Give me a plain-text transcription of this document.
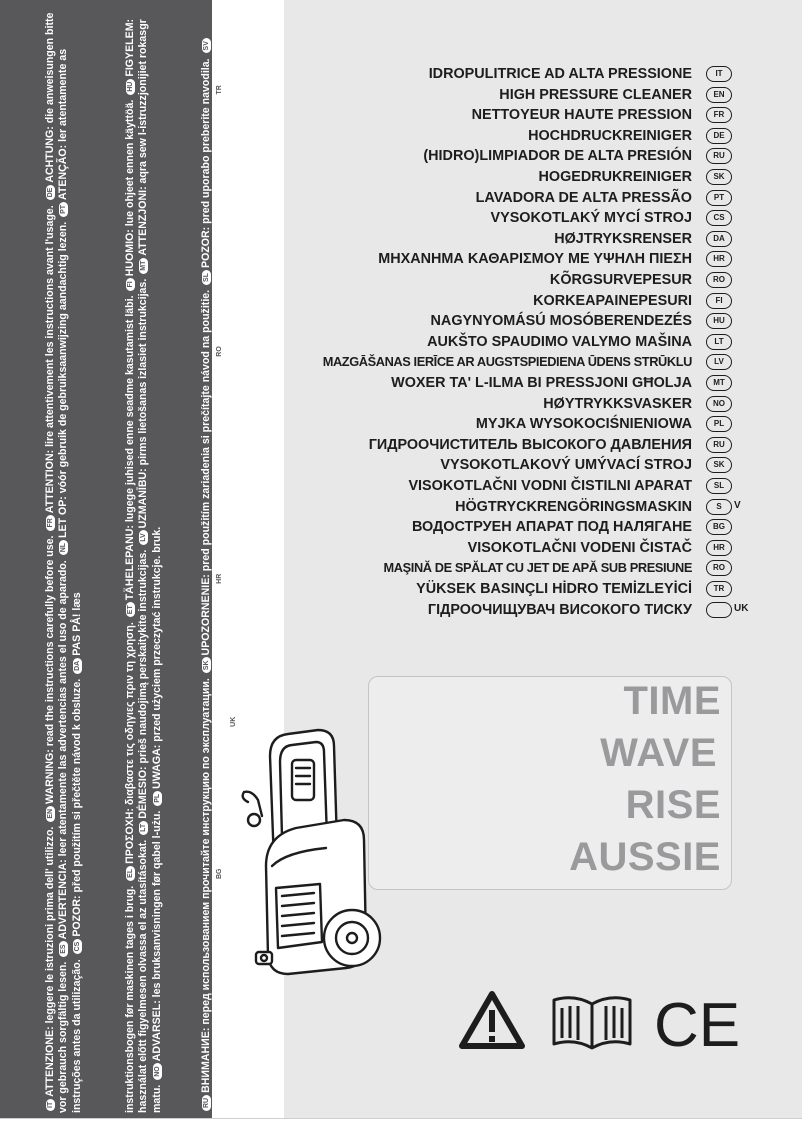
ITATTENZIONE: leggere le istruzioni prima dell' utilizzo. ENWARNING: read the instructions carefully before use. FRATTENTION: lire attentivement les instructions avant l'usage. DEACHTUNG: die anweisungen bitte vor gebrauch sorgfältig lesen. ESADVERTENCIA: leer atentamente las advertencias antes el uso de aparado. NLLET OP: vóór gebruik de gebruiksaanwijzing aandachtig lezen. PTATENÇÃO: ler atentamente as instruções antes da utilização. CSPOZOR: před použitím si přečtěte návod k obsluze. DAPAS PÅ! læs
instruktionsbogen før maskinen tages i brug. ELΠΡΟΣΟΧΗ: διαβαστε τις οδηγιες πριν τη χρηση. ETTÄHELEPANU: lugege juhised enne seadme kasutamist läbi. FIHUOMIO: lue ohjeet ennen käyttöä. HUFIGYELEM: használat előtt figyelmesen olvassa el az utasításokat. LTDĖMESIO: prieš naudojimą perskaitykite instrukcijas. LVUZMANĪBU: pirms lietošanas izlasiet instrukcijas. MTATTENZJONI: aqra sew l-istruzzjonijiet rokasgr matu. NOADVARSEL: les bruksanvisningen før qabel l-użu. PLUWAGA: przed użyciem przeczytać instrukcje. bruk.
RUВНИМАНИЕ: перед использованием прочитайте инструкцию по эксплуатации. SKUPOZORNENIE: pred použitím zariadenia si prečítajte návod na použitie. SLPOZOR: pred uporabo preberite navodila. SVVIKTIGT! läs anvisningarna före användning. BGВНИМАНИЕ: прочетете указанията преди употреба. HRPAŽNJA: prije upotrebe pročitajte upute. ROATENȚIE: citiți instrucțiunile înainte de folosire. TRDİKKAT: MAKİNAYI KULLANMADAN ÖNCE KULLANIM TALİMATLARINI OKUYUNUZ. UKУВАГА: перед використанням прочитайте інструкцію з експлуатації.
IDROPULITRICE AD ALTA PRESSIONE	IT
HIGH PRESSURE CLEANER	EN
NETTOYEUR HAUTE PRESSION	FR
HOCHDRUCKREINIGER	DE
(HIDRO)LIMPIADOR DE ALTA PRESIÓN	RU
HOGEDRUKREINIGER	SK
LAVADORA DE ALTA PRESSÃO	PT
VYSOKOTLAKÝ MYCÍ STROJ	CS
HØJTRYKSRENSER	DA
ΜΗΧΑΝΗΜΑ ΚΑΘΑΡΙΣΜΟΥ ΜΕ ΥΨΗΛΗ ΠΙΕΣΗ	HR
KÕRGSURVEPESUR	RO
KORKEAPAINEPESURI	FI
NAGYNYOMÁSÚ MOSÓBERENDEZÉS	HU
AUKŠTO SPAUDIMO VALYMO MAŠINA	LT
MAZGĀŠANAS IERĪCE AR AUGSTSPIEDIENA ŪDENS STRŪKLU	LV
WOXER TA' L-ILMA BI PRESSJONI GĦOLJA	MT
HØYTRYKKSVASKER	NO
MYJKA WYSOKOCIŚNIENIOWA	PL
ГИДРООЧИСТИТЕЛЬ ВЫСОКОГО ДАВЛЕНИЯ	RU
VYSOKOTLAKOVÝ UMÝVACÍ STROJ	SK
VISOKOTLAČNI VODNI ČISTILNI APARAT	SL
HÖGTRYCKRENGÖRINGSMASKIN	S	V
ВОДОСТРУЕН АПАРАТ ПОД НАЛЯГАНЕ	BG
VISOKOTLAČNI VODENI ČISTAČ	HR
MAŞINĂ DE SPĂLAT CU JET DE APĂ SUB PRESIUNE	RO
YÜKSEK BASINÇLI HİDRO TEMİZLEYİCİ	TR
ГІДРООЧИЩУВАЧ ВИСОКОГО ТИСКУ	UK
TIME
WAVE
RISE
AUSSIE
CE
